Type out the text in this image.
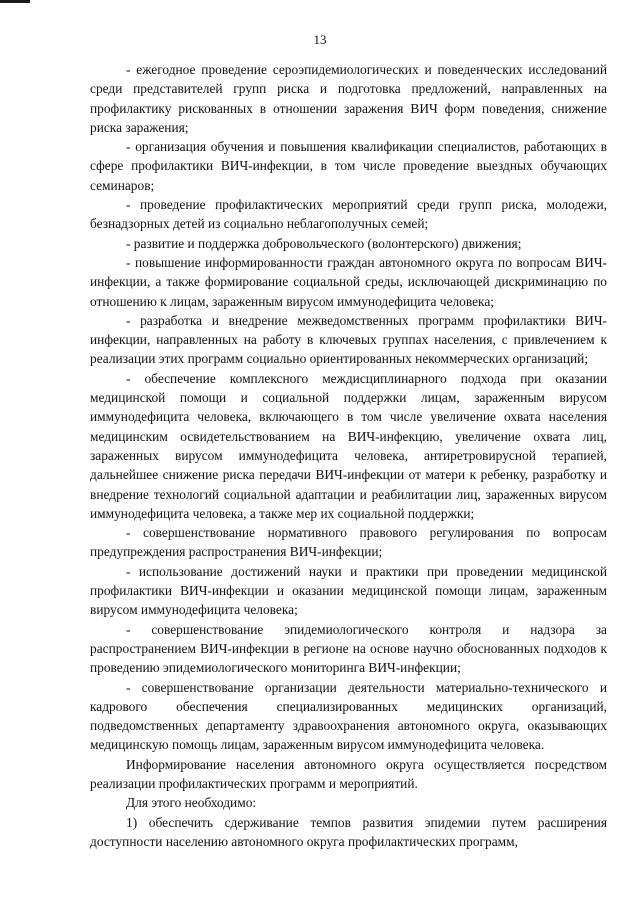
13

- ежегодное проведение сероэпидемиологических и поведенческих исследований среди представителей групп риска и подготовка предложений, направленных на профилактику рискованных в отношении заражения ВИЧ форм поведения, снижение риска заражения;

- организация обучения и повышения квалификации специалистов, работающих в сфере профилактики ВИЧ-инфекции, в том числе проведение выездных обучающих семинаров;

- проведение профилактических мероприятий среди групп риска, молодежи, безнадзорных детей из социально неблагополучных семей;

- развитие и поддержка добровольческого (волонтерского) движения;

- повышение информированности граждан автономного округа по вопросам ВИЧ-инфекции, а также формирование социальной среды, исключающей дискриминацию по отношению к лицам, зараженным вирусом иммунодефицита человека;

- разработка и внедрение межведомственных программ профилактики ВИЧ-инфекции, направленных на работу в ключевых группах населения, с привлечением к реализации этих программ социально ориентированных некоммерческих организаций;

- обеспечение комплексного междисциплинарного подхода при оказании медицинской помощи и социальной поддержки лицам, зараженным вирусом иммунодефицита человека, включающего в том числе увеличение охвата населения медицинским освидетельствованием на ВИЧ-инфекцию, увеличение охвата лиц, зараженных вирусом иммунодефицита человека, антиретровирусной терапией, дальнейшее снижение риска передачи ВИЧ-инфекции от матери к ребенку, разработку и внедрение технологий социальной адаптации и реабилитации лиц, зараженных вирусом иммунодефицита человека, а также мер их социальной поддержки;

- совершенствование нормативного правового регулирования по вопросам предупреждения распространения ВИЧ-инфекции;

- использование достижений науки и практики при проведении медицинской профилактики ВИЧ-инфекции и оказании медицинской помощи лицам, зараженным вирусом иммунодефицита человека;

- совершенствование эпидемиологического контроля и надзора за распространением ВИЧ-инфекции в регионе на основе научно обоснованных подходов к проведению эпидемиологического мониторинга ВИЧ-инфекции;

- совершенствование организации деятельности материально-технического и кадрового обеспечения специализированных медицинских организаций, подведомственных департаменту здравоохранения автономного округа, оказывающих медицинскую помощь лицам, зараженным вирусом иммунодефицита человека.

Информирование населения автономного округа осуществляется посредством реализации профилактических программ и мероприятий.

Для этого необходимо:

1) обеспечить сдерживание темпов развития эпидемии путем расширения доступности населению автономного округа профилактических программ,
